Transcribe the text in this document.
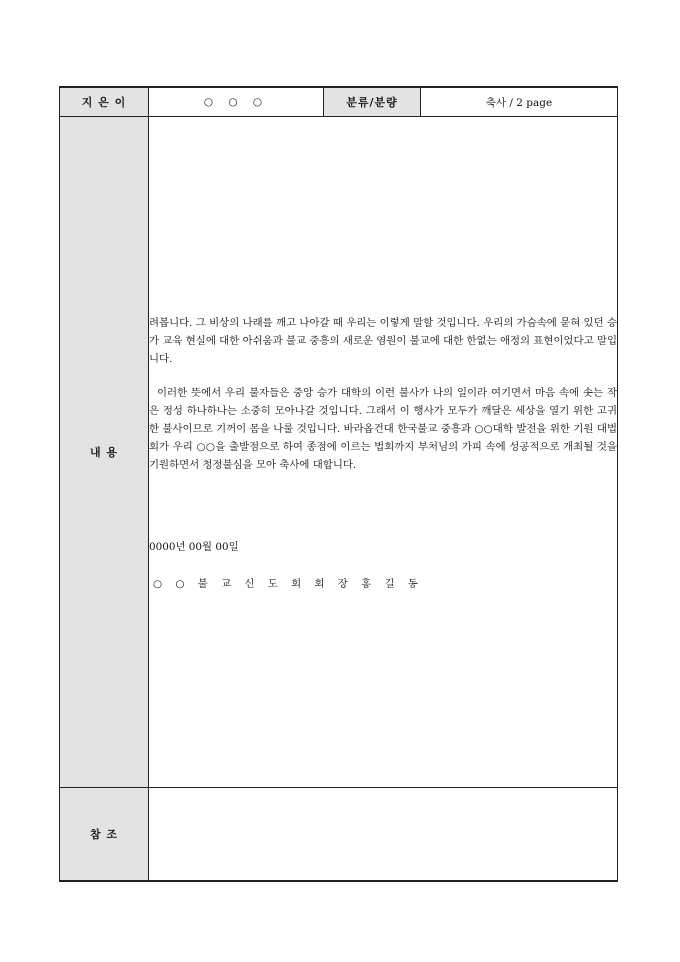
지 은 이	○ ○ ○	분류/분량	축사 / 2 page
내 용	려봅니다. 그 비상의 나래를 깨고 나아갈 때 우리는 이렇게 말할 것입니다. 우리의 가슴속에 묻혀 있던 승가 교육 현실에 대한 아쉬움과 불교 중흥의 새로운 염원이 불교에 대한 한없는 애정의 표현이었다고 말입니다.

이러한 뜻에서 우리 불자들은 중앙 승가 대학의 이런 불사가 나의 일이라 여기면서 마음 속에 솟는 작은 정성 하나하나는 소중히 모아나갈 것입니다. 그래서 이 행사가 모두가 깨달은 세상을 열기 위한 고귀한 불사이므로 기꺼이 몸을 나룰 것입니다. 바라옵건대 한국불교 중흥과 ○○대학 발전을 위한 기원 대법회가 우리 ○○을 출발점으로 하여 종점에 이르는 법회까지 부처님의 가피 속에 성공적으로 개최될 것을 기원하면서 청정불심을 모아 축사에 대합니다.

0000년 00월 00일

○ ○ 불 교 신 도 회 회 장 홍 길 동		

참 조			
